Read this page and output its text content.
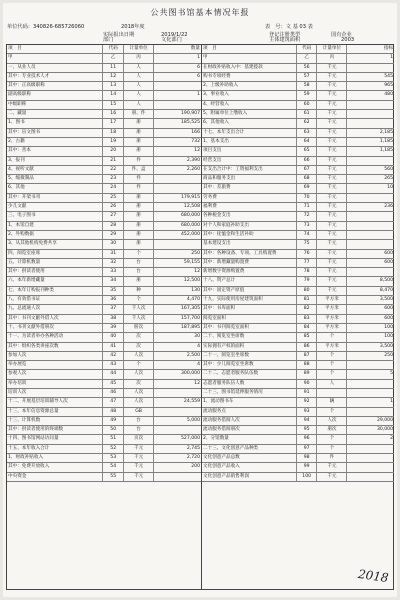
公共图书馆基本情况年报
单位代码：340826-685726060	2018年度	表　号：文 基 03 表
实际报出日期	2019/1/22	登记注册类型	国有企业
部门	文化部门	主体建筑面积	2003
项　目	代码	计量单位	数量
甲	乙	丙	1
一、从业人员	11	人	6
其中：专业技术人才	12	人	6
其中：正高级职称	13	人
副高级职称	14	人	1
中级职称	15	人
二、藏量	16	册、件	190,907
1、图书	17	册	185,525
其中：盲文图书	18	册	166
2、古籍	19	册	732
其中：善本	20	册	12
3、报刊	21	件	2,390
4、视听文献	22	件、盒	2,260
5、缩微制品	23	件
6、其他	24	件
其中：开架书刊	25	册	179,915
少儿文献	26	册	12,508
三、电子图书	27	册	680,000
1、本馆自建	28	册	680,000
2、外购数据	29	册	452,000
3、从其他机构免费共享	30	册
四、阅览室座席	31	个	250
五、计算机数量	32	台	59,155
其中：供读者使用	33	台	12
六、本年新增藏量	34	册	12,500
七、本年订购报刊种类	35	种	130
八、有效借书证	36	个	4,470
九、总流通人次	37	千人次	167,305
其中：书刊文献外借人次	38	千人次	157,700
十、书刊文献外借册次	39	册次	187,895
十一、为读者举办各种活动	40	次	30
其中：组织各类讲座次数	41	次	4
参加人次	42	人次	2,500
举办展览	43	个	4
参观人次	44	人次	300,000
举办培训	45	次	12
培训人次	46	人次
十二、开展基层培训辅导人次	47	人次	24,559
十三、本年信息资源总量	48	GB
十三、计算机数	49	台	5,000
其中：供读者使用的终端数	50	台
十四、图书馆网站访问量	51	页次	527,000
十五、本年收入合计	52	千元	2,745
1、财政补贴收入	53	千元	2,720
其中：免费开放收入	54	千元	200
中央资金	55	千元
项　目	代码	计量单位	指标
甲	乙	丙	1
在财政补贴收入中：基建拨款	56	千元
购书专项经费	57	千元	545
2、上级补助收入	58	千元	965
3、事业收入	59	千元	480
4、经营收入	60	千元
5、附属单位上缴收入	61	千元
6、其他收入	62	千元
十七、本年支出合计	63	千元	2,185
1、基本支出	64	千元	1,185
项目支出	65	千元	1,185
经营支出	66	千元
在支出合计中：工资福利支出	67	千元	560
商品和服务支出	68	千元	265
其中：差旅费	69	千元	10
劳务费	70	千元
福利费	71	千元	236
各种税金支出	72	千元
对个人和家庭补助支出	73	千元
其中：抚恤金和生活补助	74	千元
基本建设支出	75	千元
其中：各种设备、专项、工具购置费	76	千元	600
其中：新增藏量购置费	77	千元	600
新增数字资源购置费	78	千元
十八、资产总计	79	千元	8,500
其中：固定资产原值	80	千元	8,470
十九、实际使用房屋建筑面积	81	平方米	3,500
其中：书库面积	82	平方米	600
阅览室面积	83	平方米	600
其中：书刊阅览室面积	84	平方米	100
二十、阅览室坐席数	85	个	100
实际拥有产权的面积	86	平方米	3,500
二十一、阅览室坐席数	87	个	250
其中：少儿阅览室坐席数	88	个
二十二、志愿者服务队伍数	89	个	5
志愿者服务队伍人数	90	人
二十三、图书馆延伸服务情况	91
1、流动图书车	92	辆	1
流动服务点	93	个
流动服务借阅人次	94	人次	29,000
流动服务借阅册次	95	册次	30,000
2、分馆数量	96	个	2
二十三、文化创意产品种类	97	个
文化创意产品总数	98	件
文化创意产品收入	99	千元
文化创意产品销售利润	100	千元
2018
